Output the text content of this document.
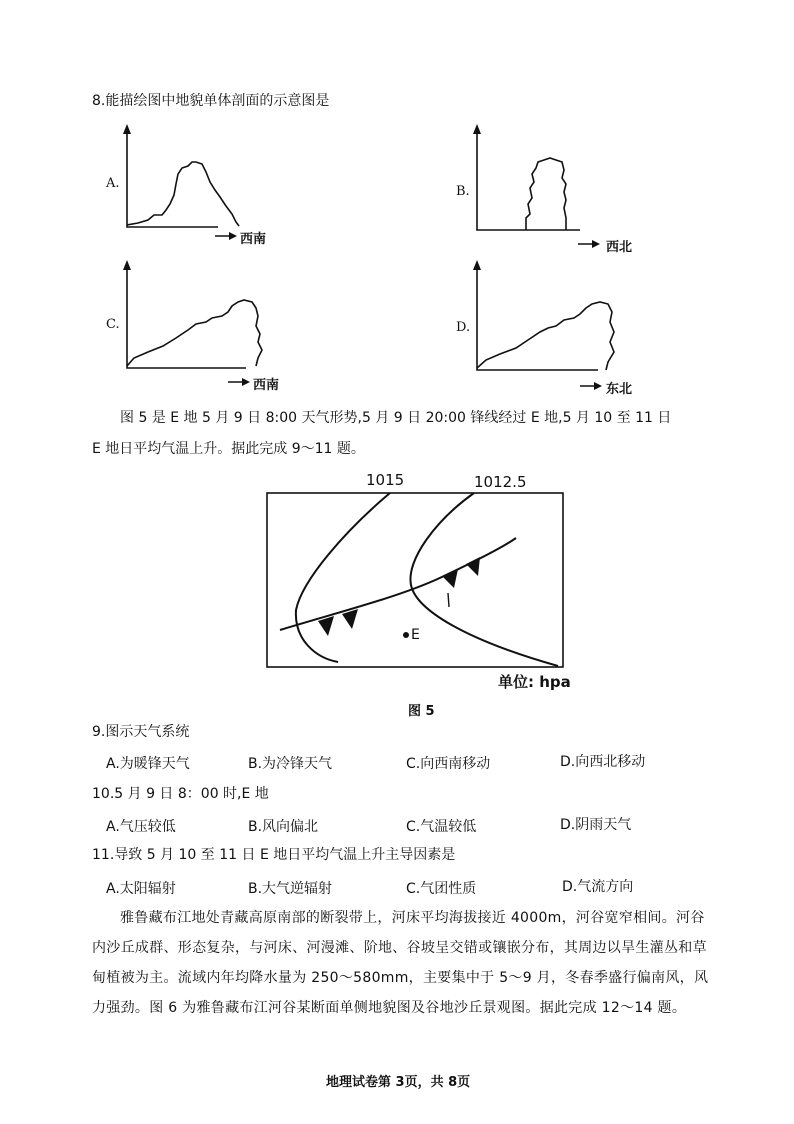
8.能描绘图中地貌单体剖面的示意图是
A.
西南
B.
西北
C.
西南
D.
东北
图 5 是 E 地 5 月 9 日 8:00 天气形势,5 月 9 日 20:00 锋线经过 E 地,5 月 10 至 11 日
E 地日平均气温上升。据此完成 9～11 题。
1015	1012.5
E
单位: hpa
图 5
9.图示天气系统
A.为暖锋天气	B.为冷锋天气	C.向西南移动	D.向西北移动
10.5 月 9 日 8：00 时,E 地
A.气压较低	B.风向偏北	C.气温较低	D.阴雨天气
11.导致 5 月 10 至 11 日 E 地日平均气温上升主导因素是
A.太阳辐射	B.大气逆辐射	C.气团性质	D.气流方向
雅鲁藏布江地处青藏高原南部的断裂带上，河床平均海拔接近 4000m，河谷宽窄相间。河谷内沙丘成群、形态复杂，与河床、河漫滩、阶地、谷坡呈交错或镶嵌分布，其周边以旱生灌丛和草甸植被为主。流域内年均降水量为 250～580mm，主要集中于 5～9 月，冬春季盛行偏南风，风力强劲。图 6 为雅鲁藏布江河谷某断面单侧地貌图及谷地沙丘景观图。据此完成 12～14 题。
地理试卷第 3页，共 8页
